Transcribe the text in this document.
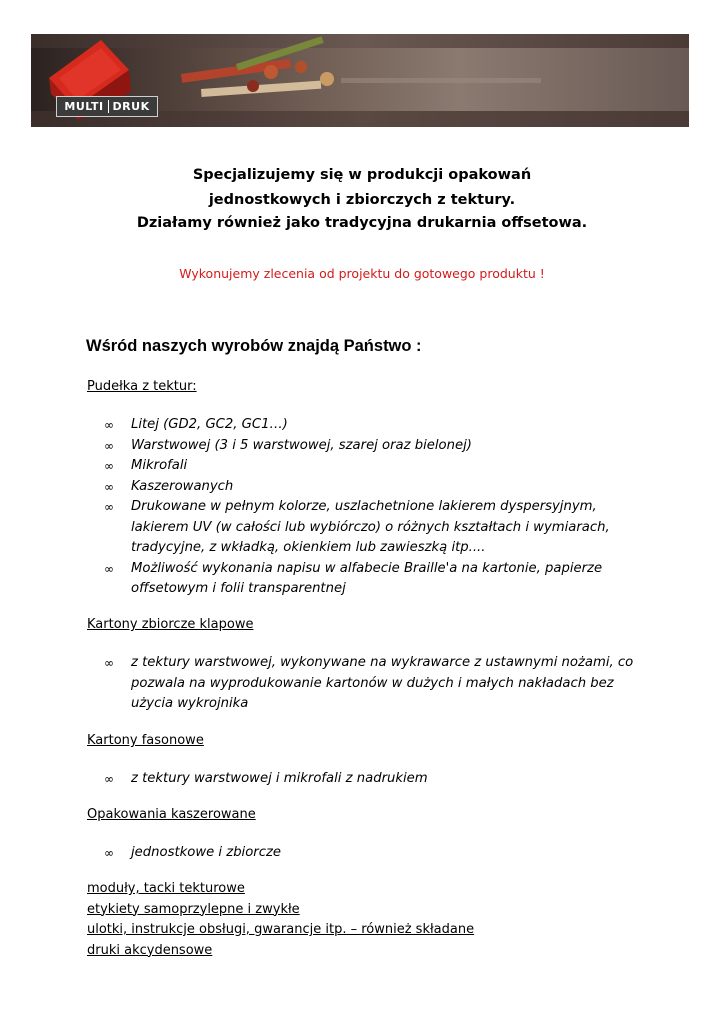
MULTI DRUK
Specjalizujemy się w produkcji opakowań
jednostkowych i zbiorczych z tektury.
Działamy również jako tradycyjna drukarnia offsetowa.
Wykonujemy zlecenia od projektu do gotowego produktu !
Wśród naszych wyrobów znajdą Państwo :
Pudełka z tektur:
∞ Litej (GD2, GC2, GC1…)
∞ Warstwowej (3 i 5 warstwowej, szarej oraz bielonej)
∞ Mikrofali
∞ Kaszerowanych
∞ Drukowane w pełnym kolorze, uszlachetnione lakierem dyspersyjnym, lakierem UV (w całości lub wybiórczo) o różnych kształtach i wymiarach, tradycyjne, z wkładką, okienkiem lub zawieszką itp....
∞ Możliwość wykonania napisu w alfabecie Braille'a na kartonie, papierze offsetowym i folii transparentnej
Kartony zbiorcze klapowe
∞ z tektury warstwowej, wykonywane na wykrawarce z ustawnymi nożami, co pozwala na wyprodukowanie kartonów w dużych i małych nakładach bez użycia wykrojnika
Kartony fasonowe
∞ z tektury warstwowej i mikrofali z nadrukiem
Opakowania kaszerowane
∞ jednostkowe i zbiorcze
moduły, tacki tekturowe
etykiety samoprzylepne i zwykłe
ulotki, instrukcje obsługi, gwarancje itp. – również składane
druki akcydensowe
